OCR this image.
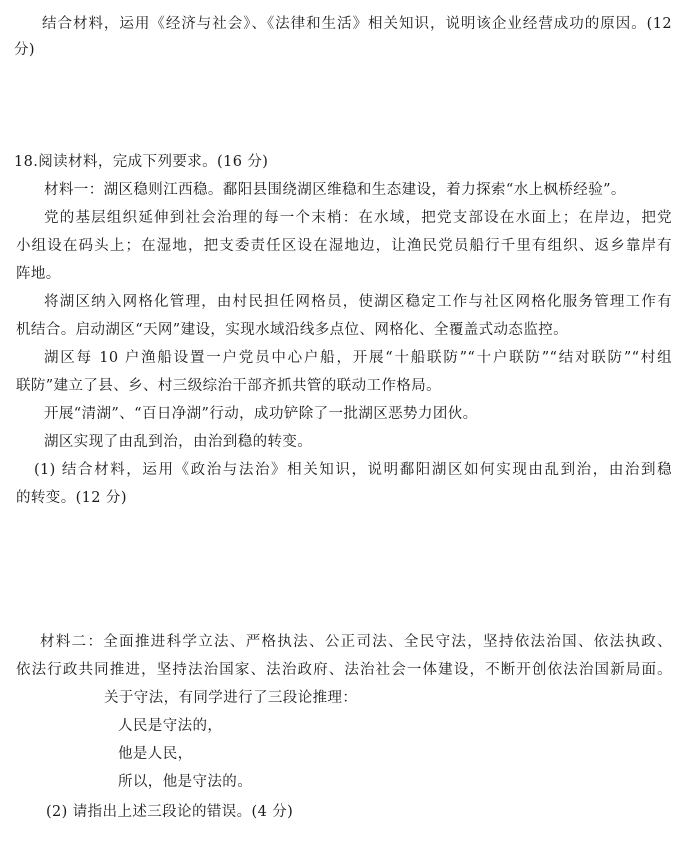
结合材料，运用《经济与社会》、《法律和生活》相关知识，说明该企业经营成功的原因。(12
分)
18.阅读材料，完成下列要求。(16 分)
材料一：湖区稳则江西稳。鄱阳县围绕湖区维稳和生态建设，着力探索“水上枫桥经验”。
党的基层组织延伸到社会治理的每一个末梢：在水域，把党支部设在水面上；在岸边，把党
小组设在码头上；在湿地，把支委责任区设在湿地边，让渔民党员船行千里有组织、返乡靠岸有
阵地。
将湖区纳入网格化管理，由村民担任网格员，使湖区稳定工作与社区网格化服务管理工作有
机结合。启动湖区“天网”建设，实现水域沿线多点位、网格化、全覆盖式动态监控。
湖区每 10 户渔船设置一户党员中心户船，开展“十船联防”“十户联防”“结对联防”“村组
联防”建立了县、乡、村三级综治干部齐抓共管的联动工作格局。
开展“清湖”、“百日净湖”行动，成功铲除了一批湖区恶势力团伙。
湖区实现了由乱到治，由治到稳的转变。
(1) 结合材料，运用《政治与法治》相关知识，说明鄱阳湖区如何实现由乱到治，由治到稳
的转变。(12 分)
材料二：全面推进科学立法、严格执法、公正司法、全民守法，坚持依法治国、依法执政、
依法行政共同推进，坚持法治国家、法治政府、法治社会一体建设，不断开创依法治国新局面。
关于守法，有同学进行了三段论推理：
人民是守法的，
他是人民，
所以，他是守法的。
(2) 请指出上述三段论的错误。(4 分)
